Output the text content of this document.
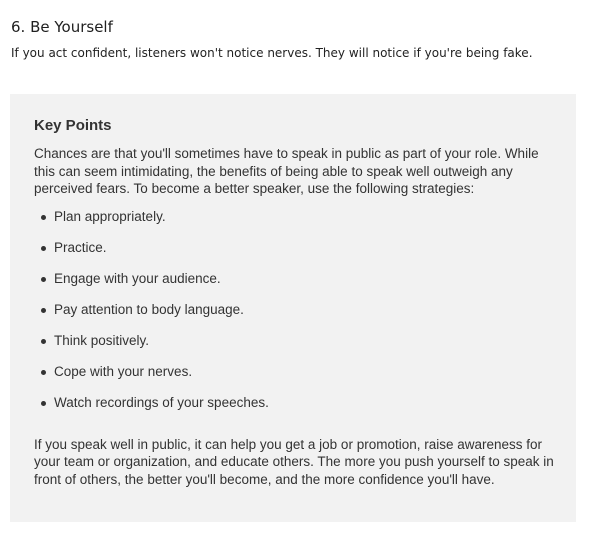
6. Be Yourself

If you act confident, listeners won't notice nerves. They will notice if you're being fake.

Key Points

Chances are that you'll sometimes have to speak in public as part of your role. While this can seem intimidating, the benefits of being able to speak well outweigh any perceived fears. To become a better speaker, use the following strategies:

Plan appropriately.
Practice.
Engage with your audience.
Pay attention to body language.
Think positively.
Cope with your nerves.
Watch recordings of your speeches.

If you speak well in public, it can help you get a job or promotion, raise awareness for your team or organization, and educate others. The more you push yourself to speak in front of others, the better you'll become, and the more confidence you'll have.
